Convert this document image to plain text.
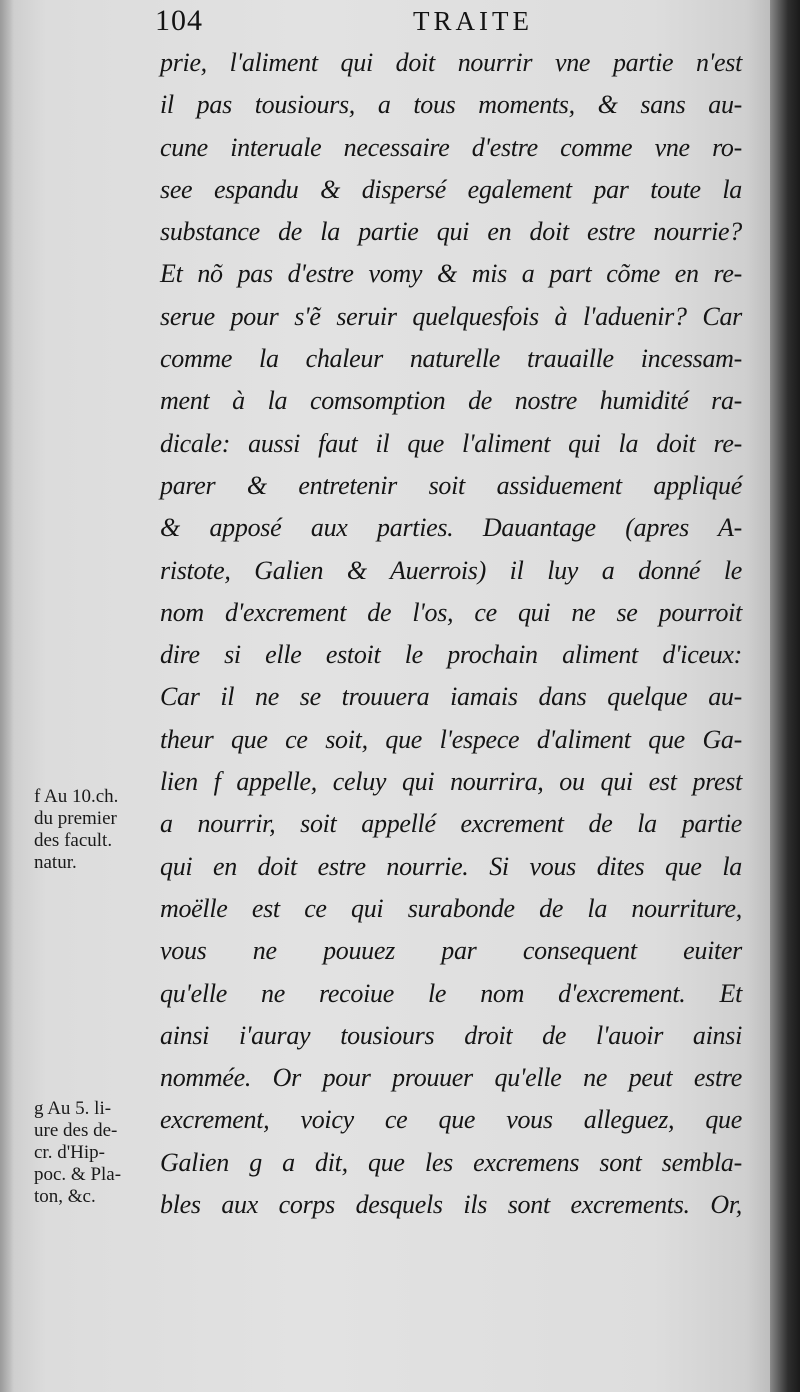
104	TRAITE
prie, l'aliment qui doit nourrir vne partie n'est
il pas tousiours, a tous moments, & sans au-
cune interuale necessaire d'estre comme vne ro-
see espandu & dispersé egalement par toute la
substance de la partie qui en doit estre nourrie?
Et nõ pas d'estre vomy & mis a part cõme en re-
serue pour s'ẽ seruir quelquesfois à l'aduenir? Car
comme la chaleur naturelle trauaille incessam-
ment à la comsomption de nostre humidité ra-
dicale: aussi faut il que l'aliment qui la doit re-
parer & entretenir soit assiduement appliqué
& apposé aux parties. Dauantage (apres A-
ristote, Galien & Auerrois) il luy a donné le
nom d'excrement de l'os, ce qui ne se pourroit
dire si elle estoit le prochain aliment d'iceux:
Car il ne se trouuera iamais dans quelque au-
theur que ce soit, que l'espece d'aliment que Ga-
lien f appelle, celuy qui nourrira, ou qui est prest
a nourrir, soit appellé excrement de la partie
qui en doit estre nourrie. Si vous dites que la
moëlle est ce qui surabonde de la nourriture,
vous ne pouuez par consequent euiter
qu'elle ne recoiue le nom d'excrement. Et
ainsi i'auray tousiours droit de l'auoir ainsi
nommée. Or pour prouuer qu'elle ne peut estre
excrement, voicy ce que vous alleguez, que
Galien g a dit, que les excremens sont sembla-
bles aux corps desquels ils sont excrements. Or,
f Au 10.ch.
du premier
des facult.
natur.
g Au 5. li-
ure des de-
cr. d'Hip-
poc. & Pla-
ton, &c.
